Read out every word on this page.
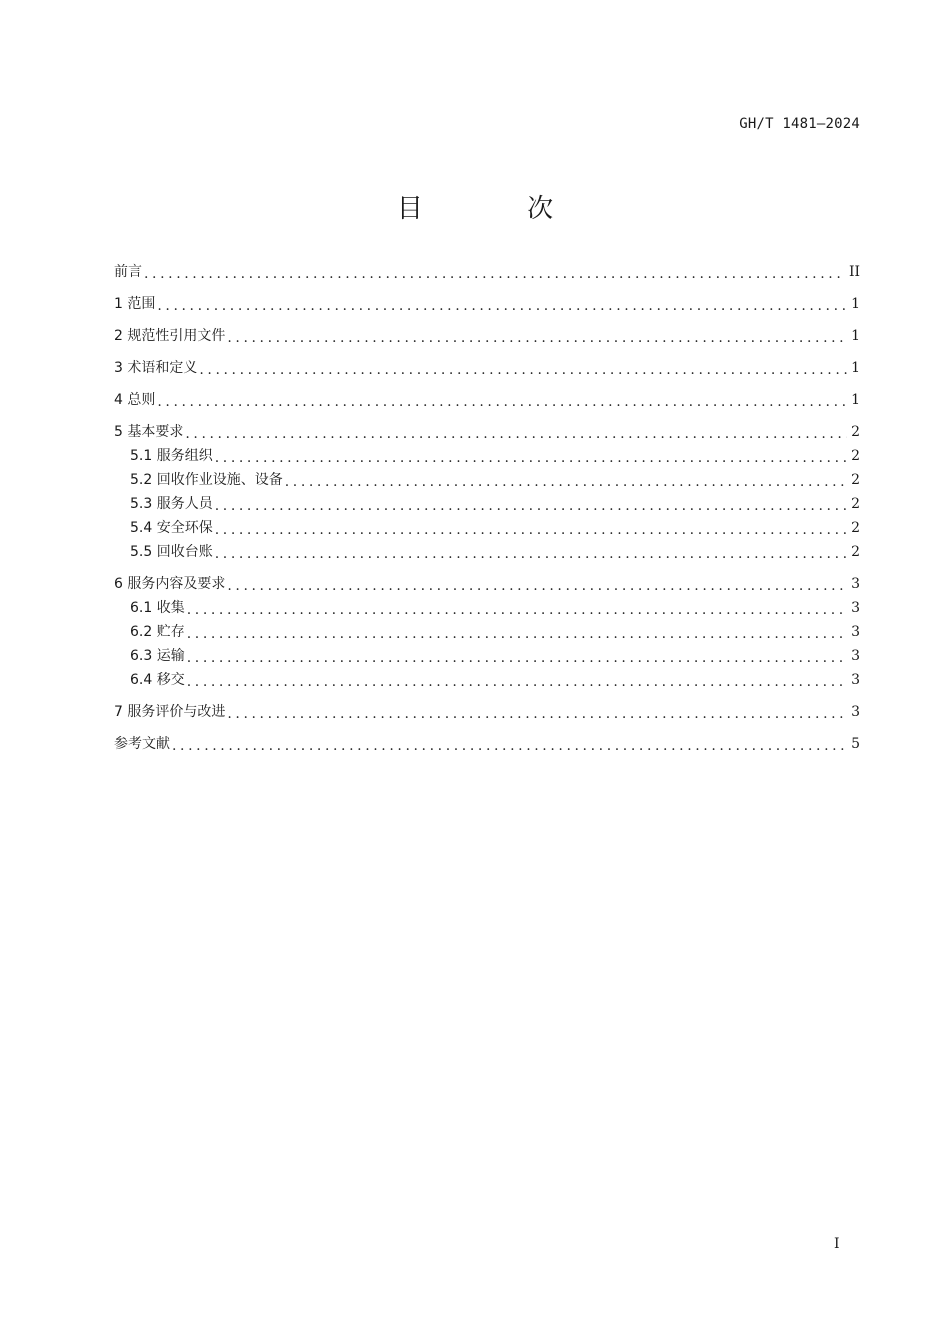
GH/T 1481—2024
目 次
前言 .....	II
1 范围 .....	1
2 规范性引用文件 .....	1
3 术语和定义 .....	1
4 总则 .....	1
5 基本要求 .....	2
5.1 服务组织 .....	2
5.2 回收作业设施、设备 .....	2
5.3 服务人员 .....	2
5.4 安全环保 .....	2
5.5 回收台账 .....	2
6 服务内容及要求 .....	3
6.1 收集 .....	3
6.2 贮存 .....	3
6.3 运输 .....	3
6.4 移交 .....	3
7 服务评价与改进 .....	3
参考文献 .....	5
I
